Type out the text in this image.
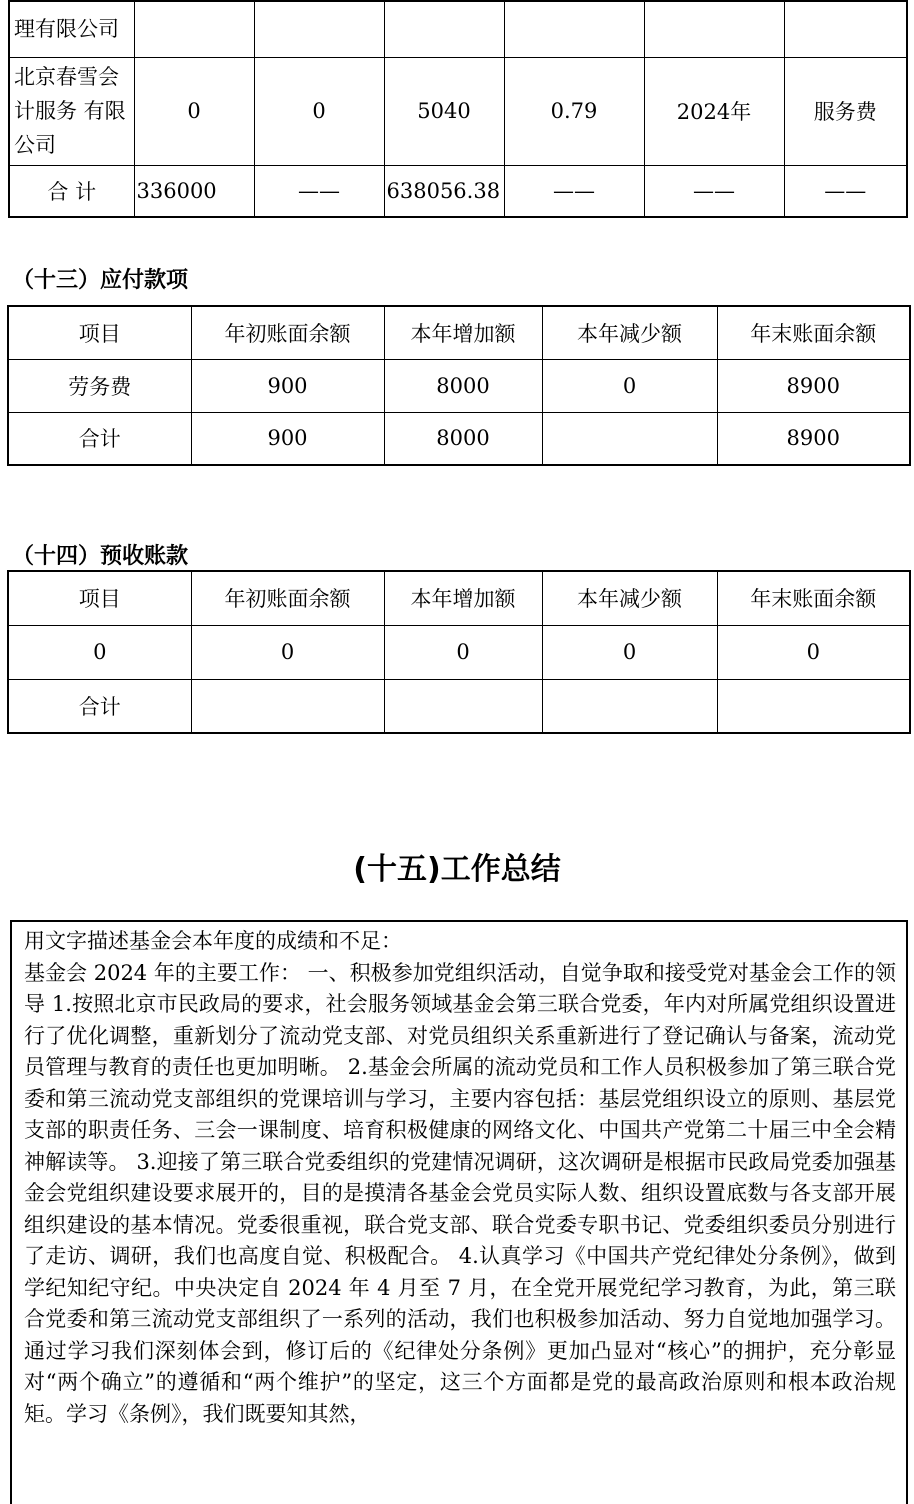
理有限公司						
北京春雪会计服务 有限公司	0	0	5040	0.79	2024年	服务费
合 计	336000	——	638056.38	——	——	——
（十三）应付款项
项目	年初账面余额	本年增加额	本年减少额	年末账面余额
劳务费	900	8000	0	8900
合计	900	8000		8900
（十四）预收账款
项目	年初账面余额	本年增加额	本年减少额	年末账面余额
0	0	0	0	0
合计				
(十五)工作总结

用文字描述基金会本年度的成绩和不足：

基金会 2024 年的主要工作： 一、积极参加党组织活动，自觉争取和接受党对基金会工作的领导 1.按照北京市民政局的要求，社会服务领域基金会第三联合党委，年内对所属党组织设置进行了优化调整，重新划分了流动党支部、对党员组织关系重新进行了登记确认与备案，流动党员管理与教育的责任也更加明晰。 2.基金会所属的流动党员和工作人员积极参加了第三联合党委和第三流动党支部组织的党课培训与学习，主要内容包括：基层党组织设立的原则、基层党支部的职责任务、三会一课制度、培育积极健康的网络文化、中国共产党第二十届三中全会精神解读等。 3.迎接了第三联合党委组织的党建情况调研，这次调研是根据市民政局党委加强基金会党组织建设要求展开的，目的是摸清各基金会党员实际人数、组织设置底数与各支部开展组织建设的基本情况。党委很重视，联合党支部、联合党委专职书记、党委组织委员分别进行了走访、调研，我们也高度自觉、积极配合。 4.认真学习《中国共产党纪律处分条例》，做到学纪知纪守纪。中央决定自 2024 年 4 月至 7 月，在全党开展党纪学习教育，为此，第三联合党委和第三流动党支部组织了一系列的活动，我们也积极参加活动、努力自觉地加强学习。通过学习我们深刻体会到，修订后的《纪律处分条例》更加凸显对“核心”的拥护，充分彰显对“两个确立”的遵循和“两个维护”的坚定，这三个方面都是党的最高政治原则和根本政治规矩。学习《条例》，我们既要知其然，
